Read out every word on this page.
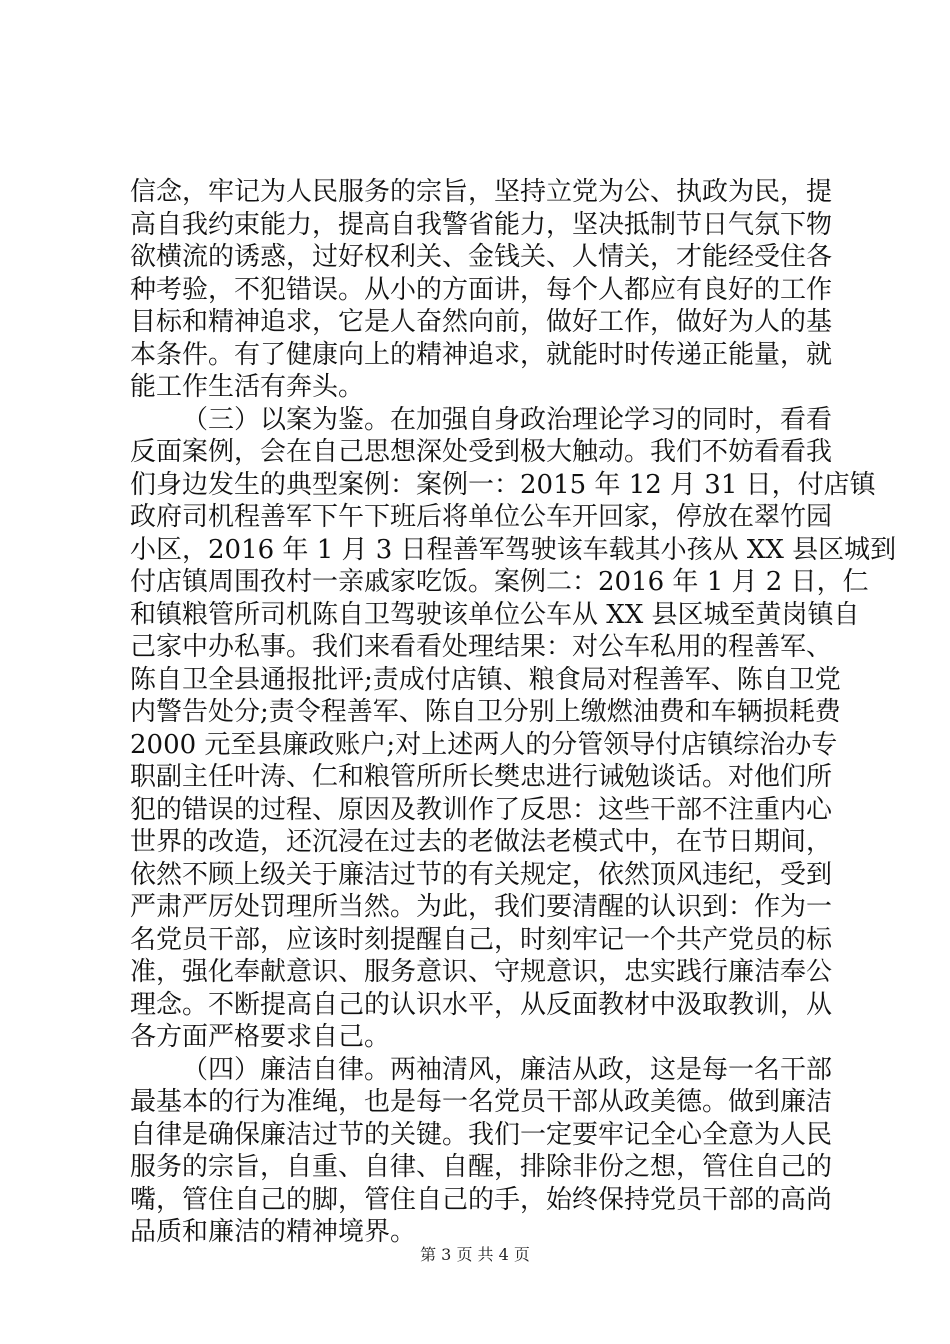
信念，牢记为人民服务的宗旨，坚持立党为公、执政为民，提
高自我约束能力，提高自我警省能力，坚决抵制节日气氛下物
欲横流的诱惑，过好权利关、金钱关、人情关，才能经受住各
种考验，不犯错误。从小的方面讲，每个人都应有良好的工作
目标和精神追求，它是人奋然向前，做好工作，做好为人的基
本条件。有了健康向上的精神追求，就能时时传递正能量，就
能工作生活有奔头。
（三）以案为鉴。在加强自身政治理论学习的同时，看看
反面案例，会在自己思想深处受到极大触动。我们不妨看看我
们身边发生的典型案例：案例一：2015 年 12 月 31 日，付店镇
政府司机程善军下午下班后将单位公车开回家，停放在翠竹园
小区，2016 年 1 月 3 日程善军驾驶该车载其小孩从 XX 县区城到
付店镇周围孜村一亲戚家吃饭。案例二：2016 年 1 月 2 日，仁
和镇粮管所司机陈自卫驾驶该单位公车从 XX 县区城至黄岗镇自
己家中办私事。我们来看看处理结果：对公车私用的程善军、
陈自卫全县通报批评;责成付店镇、粮食局对程善军、陈自卫党
内警告处分;责令程善军、陈自卫分别上缴燃油费和车辆损耗费
2000 元至县廉政账户;对上述两人的分管领导付店镇综治办专
职副主任叶涛、仁和粮管所所长樊忠进行诫勉谈话。对他们所
犯的错误的过程、原因及教训作了反思：这些干部不注重内心
世界的改造，还沉浸在过去的老做法老模式中，在节日期间，
依然不顾上级关于廉洁过节的有关规定，依然顶风违纪，受到
严肃严厉处罚理所当然。为此，我们要清醒的认识到：作为一
名党员干部，应该时刻提醒自己，时刻牢记一个共产党员的标
准，强化奉献意识、服务意识、守规意识，忠实践行廉洁奉公
理念。不断提高自己的认识水平，从反面教材中汲取教训，从
各方面严格要求自己。
（四）廉洁自律。两袖清风，廉洁从政，这是每一名干部
最基本的行为准绳，也是每一名党员干部从政美德。做到廉洁
自律是确保廉洁过节的关键。我们一定要牢记全心全意为人民
服务的宗旨，自重、自律、自醒，排除非份之想，管住自己的
嘴，管住自己的脚，管住自己的手，始终保持党员干部的高尚
品质和廉洁的精神境界。
第 3 页 共 4 页
